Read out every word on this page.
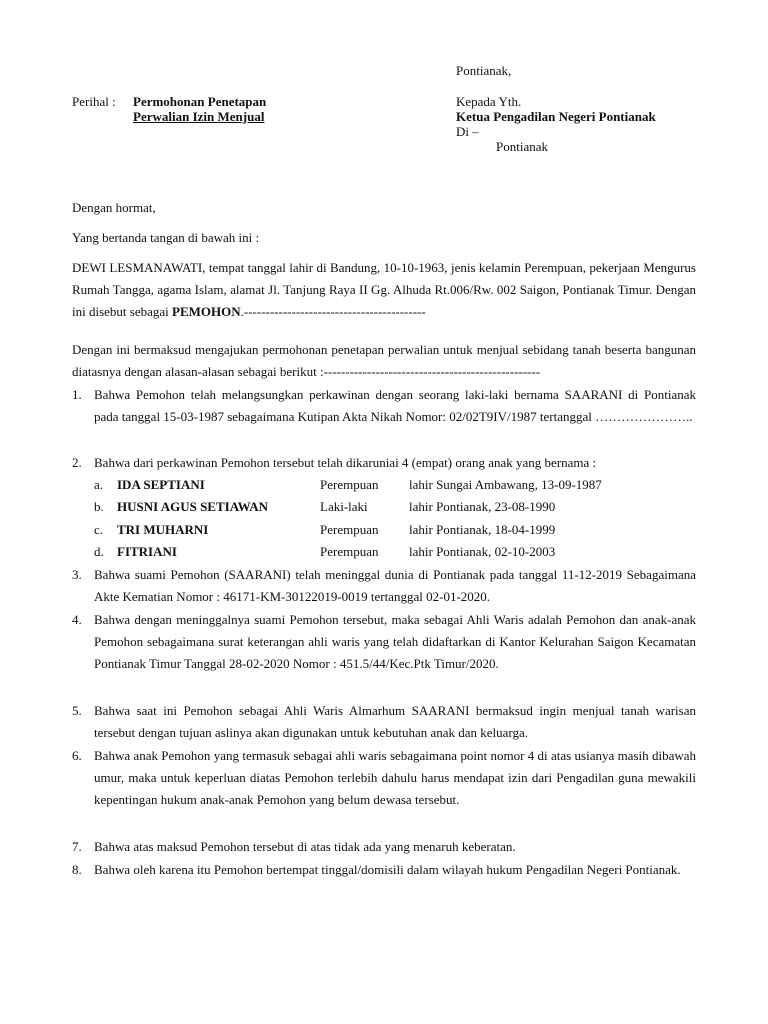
Pontianak,
Perihal : Permohonan Penetapan
Perwalian Izin Menjual
Kepada Yth.
Ketua Pengadilan Negeri Pontianak
Di –
Pontianak
Dengan hormat,
Yang bertanda tangan di bawah ini :
DEWI LESMANAWATI, tempat tanggal lahir di Bandung, 10-10-1963, jenis kelamin Perempuan, pekerjaan Mengurus Rumah Tangga, agama Islam, alamat Jl. Tanjung Raya II Gg. Alhuda Rt.006/Rw. 002 Saigon, Pontianak Timur. Dengan ini disebut sebagai PEMOHON.------------------------------------------
Dengan ini bermaksud mengajukan permohonan penetapan perwalian untuk menjual sebidang tanah beserta bangunan diatasnya dengan alasan-alasan sebagai berikut :--------------------------------------------------
1. Bahwa Pemohon telah melangsungkan perkawinan dengan seorang laki-laki bernama SAARANI di Pontianak pada tanggal 15-03-1987 sebagaimana Kutipan Akta Nikah Nomor: 02/02T9IV/1987 tertanggal …………………..
2. Bahwa dari perkawinan Pemohon tersebut telah dikaruniai 4 (empat) orang anak yang bernama :
a. IDA SEPTIANI	Perempuan lahir Sungai Ambawang, 13-09-1987
b. HUSNI AGUS SETIAWAN	Laki-laki	lahir Pontianak, 23-08-1990
c. TRI MUHARNI	Perempuan lahir Pontianak, 18-04-1999
d. FITRIANI	Perempuan lahir Pontianak, 02-10-2003
3. Bahwa suami Pemohon (SAARANI) telah meninggal dunia di Pontianak pada tanggal 11-12-2019 Sebagaimana Akte Kematian Nomor : 46171-KM-30122019-0019 tertanggal 02-01-2020.
4. Bahwa dengan meninggalnya suami Pemohon tersebut, maka sebagai Ahli Waris adalah Pemohon dan anak-anak Pemohon sebagaimana surat keterangan ahli waris yang telah didaftarkan di Kantor Kelurahan Saigon Kecamatan Pontianak Timur Tanggal 28-02-2020 Nomor : 451.5/44/Kec.Ptk Timur/2020.
5. Bahwa saat ini Pemohon sebagai Ahli Waris Almarhum SAARANI bermaksud ingin menjual tanah warisan tersebut dengan tujuan aslinya akan digunakan untuk kebutuhan anak dan keluarga.
6. Bahwa anak Pemohon yang termasuk sebagai ahli waris sebagaimana point nomor 4 di atas usianya masih dibawah umur, maka untuk keperluan diatas Pemohon terlebih dahulu harus mendapat izin dari Pengadilan guna mewakili kepentingan hukum anak-anak Pemohon yang belum dewasa tersebut.
7. Bahwa atas maksud Pemohon tersebut di atas tidak ada yang menaruh keberatan.
8. Bahwa oleh karena itu Pemohon bertempat tinggal/domisili dalam wilayah hukum Pengadilan Negeri Pontianak.
